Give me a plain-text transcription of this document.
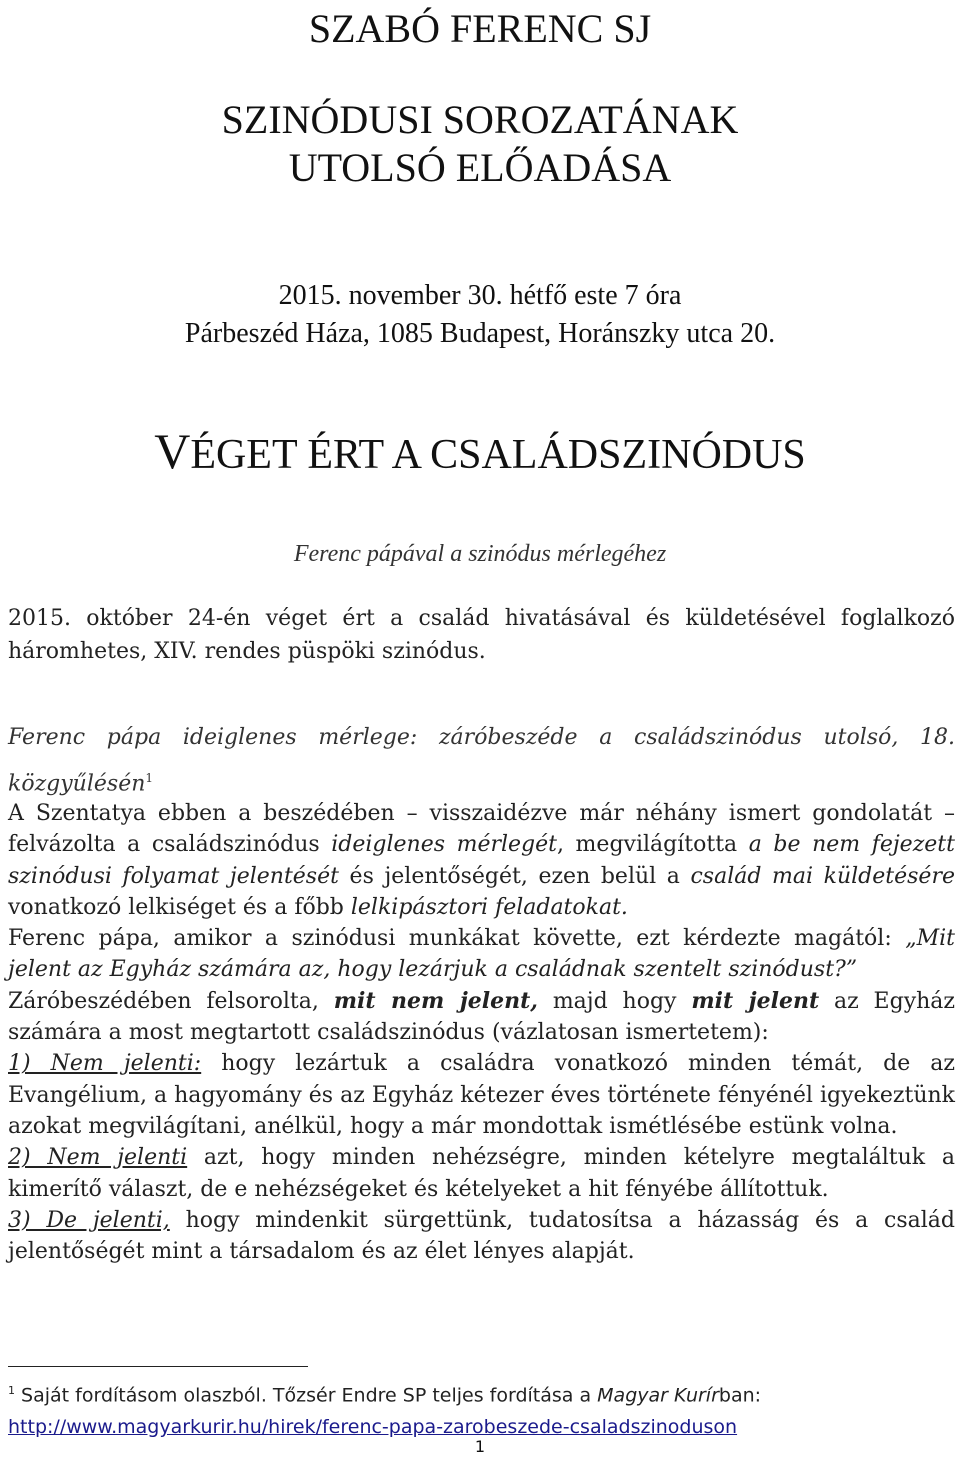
SZABÓ FERENC SJ
SZINÓDUSI SOROZATÁNAK
UTOLSÓ ELŐADÁSA
2015. november 30. hétfő este 7 óra
Párbeszéd Háza, 1085 Budapest, Horánszky utca 20.
VÉGET ÉRT A CSALÁDSZINÓDUS
Ferenc pápával a szinódus mérlegéhez
2015. október 24-én véget ért a család hivatásával és küldetésével foglalkozó
háromhetes, XIV. rendes püspöki szinódus.
Ferenc pápa ideiglenes mérlege: záróbeszéde a családszinódus utolsó, 18. közgyűlésén$^1$

A Szentatya ebben a beszédében – visszaidézve már néhány ismert gondolatát – felvázolta a családszinódus ideiglenes mérlegét, megvilágította a be nem fejezett szinódusi folyamat jelentését és jelentőségét, ezen belül a család mai küldetésére vonatkozó lelkiséget és a főbb lelkipásztori feladatokat.

Ferenc pápa, amikor a szinódusi munkákat követte, ezt kérdezte magától: „Mit jelent az Egyház számára az, hogy lezárjuk a családnak szentelt szinódust?”

Záróbeszédében felsorolta, mit nem jelent, majd hogy mit jelent az Egyház számára a most megtartott családszinódus (vázlatosan ismertetem):

1) Nem jelenti: hogy lezártuk a családra vonatkozó minden témát, de az Evangélium, a hagyomány és az Egyház kétezer éves története fényénél igyekeztünk azokat megvilágítani, anélkül, hogy a már mondottak ismétlésébe estünk volna.

2) Nem jelenti azt, hogy minden nehézségre, minden kételyre megtaláltuk a kimerítő választ, de e nehézségeket és kételyeket a hit fényébe állítottuk.

3) De jelenti, hogy mindenkit sürgettünk, tudatosítsa a házasság és a család jelentőségét mint a társadalom és az élet lényes alapját.

$^1$ Saját fordításom olaszból. Tőzsér Endre SP teljes fordítása a Magyar Kurírban:
http://www.magyarkurir.hu/hirek/ferenc-papa-zarobeszede-csaladszinoduson
1
